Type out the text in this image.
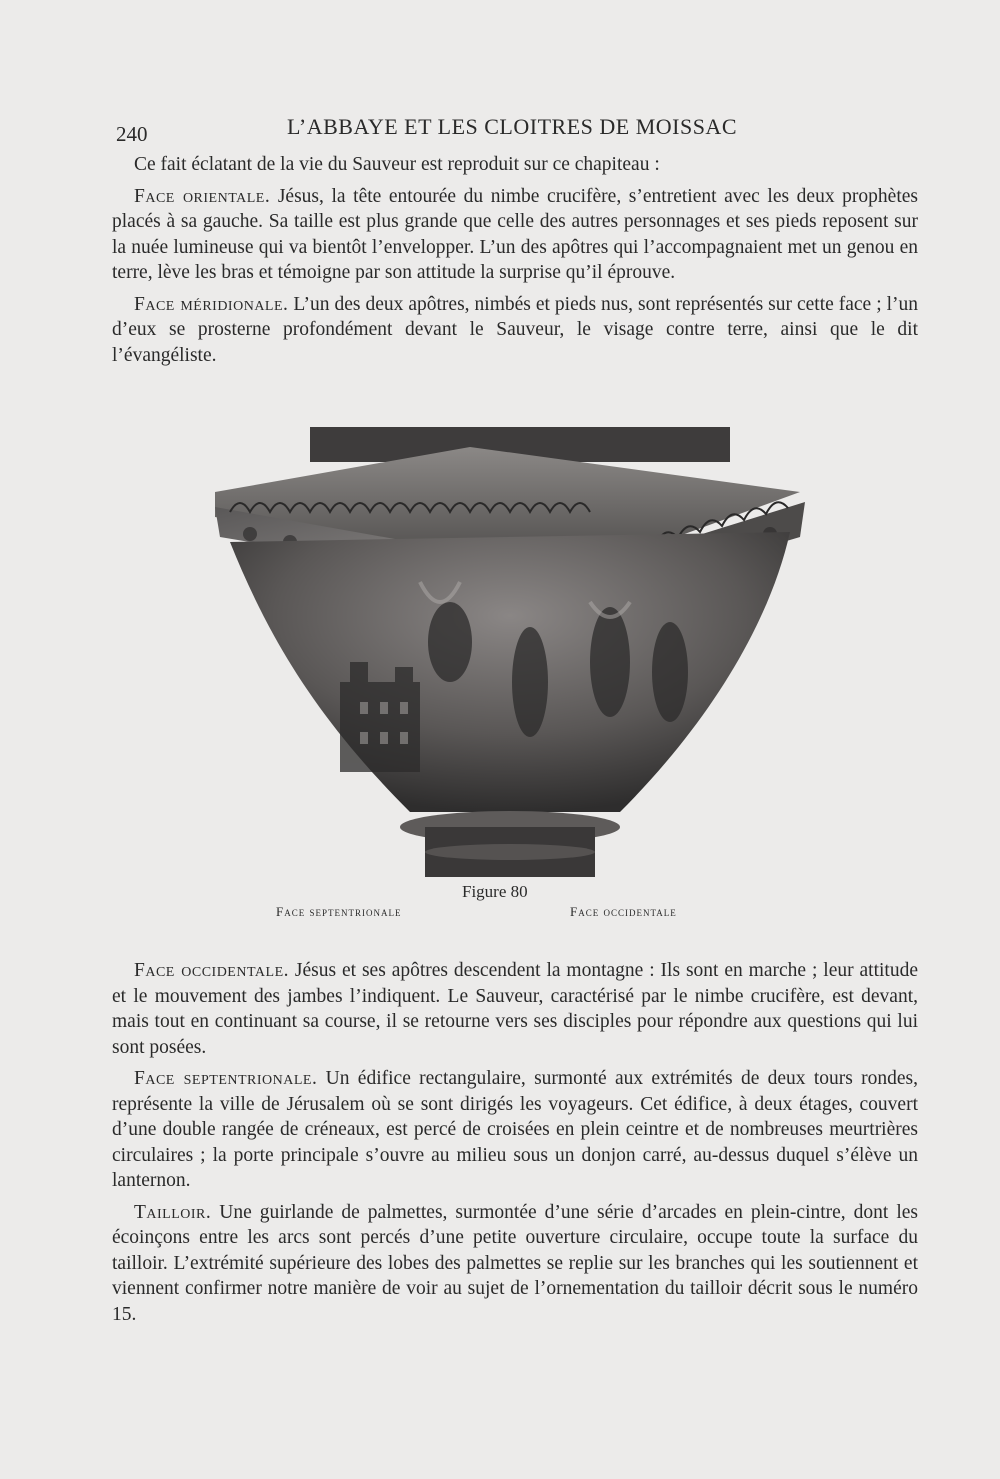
240	L’ABBAYE ET LES CLOITRES DE MOISSAC

Ce fait éclatant de la vie du Sauveur est reproduit sur ce chapiteau :

Face orientale. Jésus, la tête entourée du nimbe crucifère, s’entretient avec les deux prophètes placés à sa gauche. Sa taille est plus grande que celle des autres personnages et ses pieds reposent sur la nuée lumineuse qui va bientôt l’envelopper. L’un des apôtres qui l’accompagnaient met un genou en terre, lève les bras et témoigne par son attitude la surprise qu’il éprouve.

Face méridionale. L’un des deux apôtres, nimbés et pieds nus, sont représentés sur cette face ; l’un d’eux se prosterne profondément devant le Sauveur, le visage contre terre, ainsi que le dit l’évangéliste.

Figure 80
Face septentrionale	Face occidentale

Face occidentale. Jésus et ses apôtres descendent la montagne : Ils sont en marche ; leur attitude et le mouvement des jambes l’indiquent. Le Sauveur, caractérisé par le nimbe crucifère, est devant, mais tout en continuant sa course, il se retourne vers ses disciples pour répondre aux questions qui lui sont posées.

Face septentrionale. Un édifice rectangulaire, surmonté aux extrémités de deux tours rondes, représente la ville de Jérusalem où se sont dirigés les voyageurs. Cet édifice, à deux étages, couvert d’une double rangée de créneaux, est percé de croisées en plein ceintre et de nombreuses meurtrières circulaires ; la porte principale s’ouvre au milieu sous un donjon carré, au-dessus duquel s’élève un lanternon.

Tailloir. Une guirlande de palmettes, surmontée d’une série d’arcades en plein-cintre, dont les écoinçons entre les arcs sont percés d’une petite ouverture circulaire, occupe toute la surface du tailloir. L’extrémité supérieure des lobes des palmettes se replie sur les branches qui les soutiennent et viennent confirmer notre manière de voir au sujet de l’ornementation du tailloir décrit sous le numéro 15.
